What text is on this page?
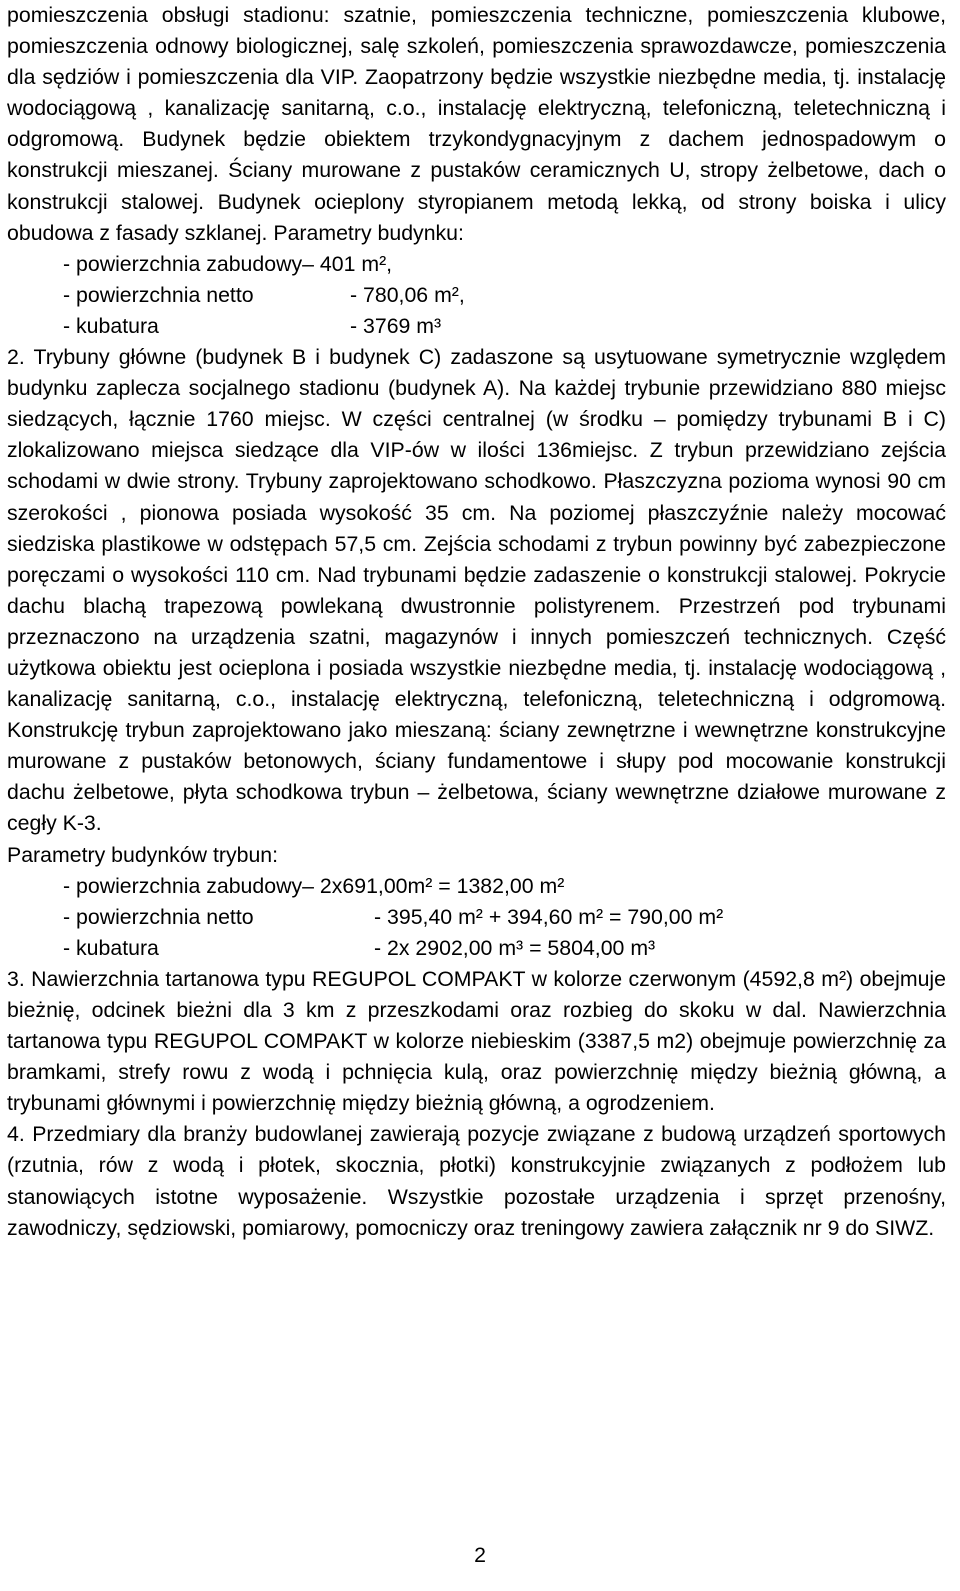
pomieszczenia obsługi stadionu: szatnie, pomieszczenia techniczne, pomieszczenia klubowe, pomieszczenia odnowy biologicznej, salę szkoleń, pomieszczenia sprawozdawcze, pomieszczenia dla sędziów i pomieszczenia dla VIP. Zaopatrzony będzie wszystkie niezbędne media, tj. instalację wodociągową , kanalizację sanitarną, c.o., instalację elektryczną, telefoniczną, teletechniczną i odgromową. Budynek będzie obiektem trzykondygnacyjnym z dachem jednospadowym o konstrukcji mieszanej. Ściany murowane z pustaków ceramicznych U, stropy żelbetowe, dach o konstrukcji stalowej. Budynek ocieplony styropianem metodą lekką, od strony boiska i ulicy obudowa z fasady szklanej. Parametry budynku:

- powierzchnia zabudowy – 401 m²,
- powierzchnia netto	- 780,06 m²,
- kubatura	- 3769 m³

2. Trybuny główne (budynek B i budynek C) zadaszone są usytuowane symetrycznie względem budynku zaplecza socjalnego stadionu (budynek A). Na każdej trybunie przewidziano 880 miejsc siedzących, łącznie 1760 miejsc. W części centralnej (w środku – pomiędzy trybunami B i C) zlokalizowano miejsca siedzące dla VIP-ów w ilości 136miejsc. Z trybun przewidziano zejścia schodami w dwie strony. Trybuny zaprojektowano schodkowo. Płaszczyzna pozioma wynosi 90 cm szerokości , pionowa posiada wysokość 35 cm. Na poziomej płaszczyźnie należy mocować siedziska plastikowe w odstępach 57,5 cm. Zejścia schodami z trybun powinny być zabezpieczone poręczami o wysokości 110 cm. Nad trybunami będzie zadaszenie o konstrukcji stalowej. Pokrycie dachu blachą trapezową powlekaną dwustronnie polistyrenem. Przestrzeń pod trybunami przeznaczono na urządzenia szatni, magazynów i innych pomieszczeń technicznych. Część użytkowa obiektu jest ocieplona i posiada wszystkie niezbędne media, tj. instalację wodociągową , kanalizację sanitarną, c.o., instalację elektryczną, telefoniczną, teletechniczną i odgromową. Konstrukcję trybun zaprojektowano jako mieszaną: ściany zewnętrzne i wewnętrzne konstrukcyjne murowane z pustaków betonowych, ściany fundamentowe i słupy pod mocowanie konstrukcji dachu żelbetowe, płyta schodkowa trybun – żelbetowa, ściany wewnętrzne działowe murowane z cegły K-3.

Parametry budynków trybun:

- powierzchnia zabudowy – 2x691,00m² = 1382,00 m²
- powierzchnia netto	- 395,40 m² + 394,60 m² = 790,00 m²
- kubatura	- 2x 2902,00 m³ = 5804,00 m³

3. Nawierzchnia tartanowa typu REGUPOL COMPAKT w kolorze czerwonym (4592,8 m²) obejmuje bieżnię, odcinek bieżni dla 3 km z przeszkodami oraz rozbieg do skoku w dal. Nawierzchnia tartanowa typu REGUPOL COMPAKT w kolorze niebieskim (3387,5 m2) obejmuje powierzchnię za bramkami, strefy rowu z wodą i pchnięcia kulą, oraz powierzchnię między bieżnią główną, a trybunami głównymi i powierzchnię między bieżnią główną, a ogrodzeniem.

4. Przedmiary dla branży budowlanej zawierają pozycje związane z budową urządzeń sportowych (rzutnia, rów z wodą i płotek, skocznia, płotki) konstrukcyjnie związanych z podłożem lub stanowiących istotne wyposażenie. Wszystkie pozostałe urządzenia i sprzęt przenośny, zawodniczy, sędziowski, pomiarowy, pomocniczy oraz treningowy zawiera załącznik nr 9 do SIWZ.

2
